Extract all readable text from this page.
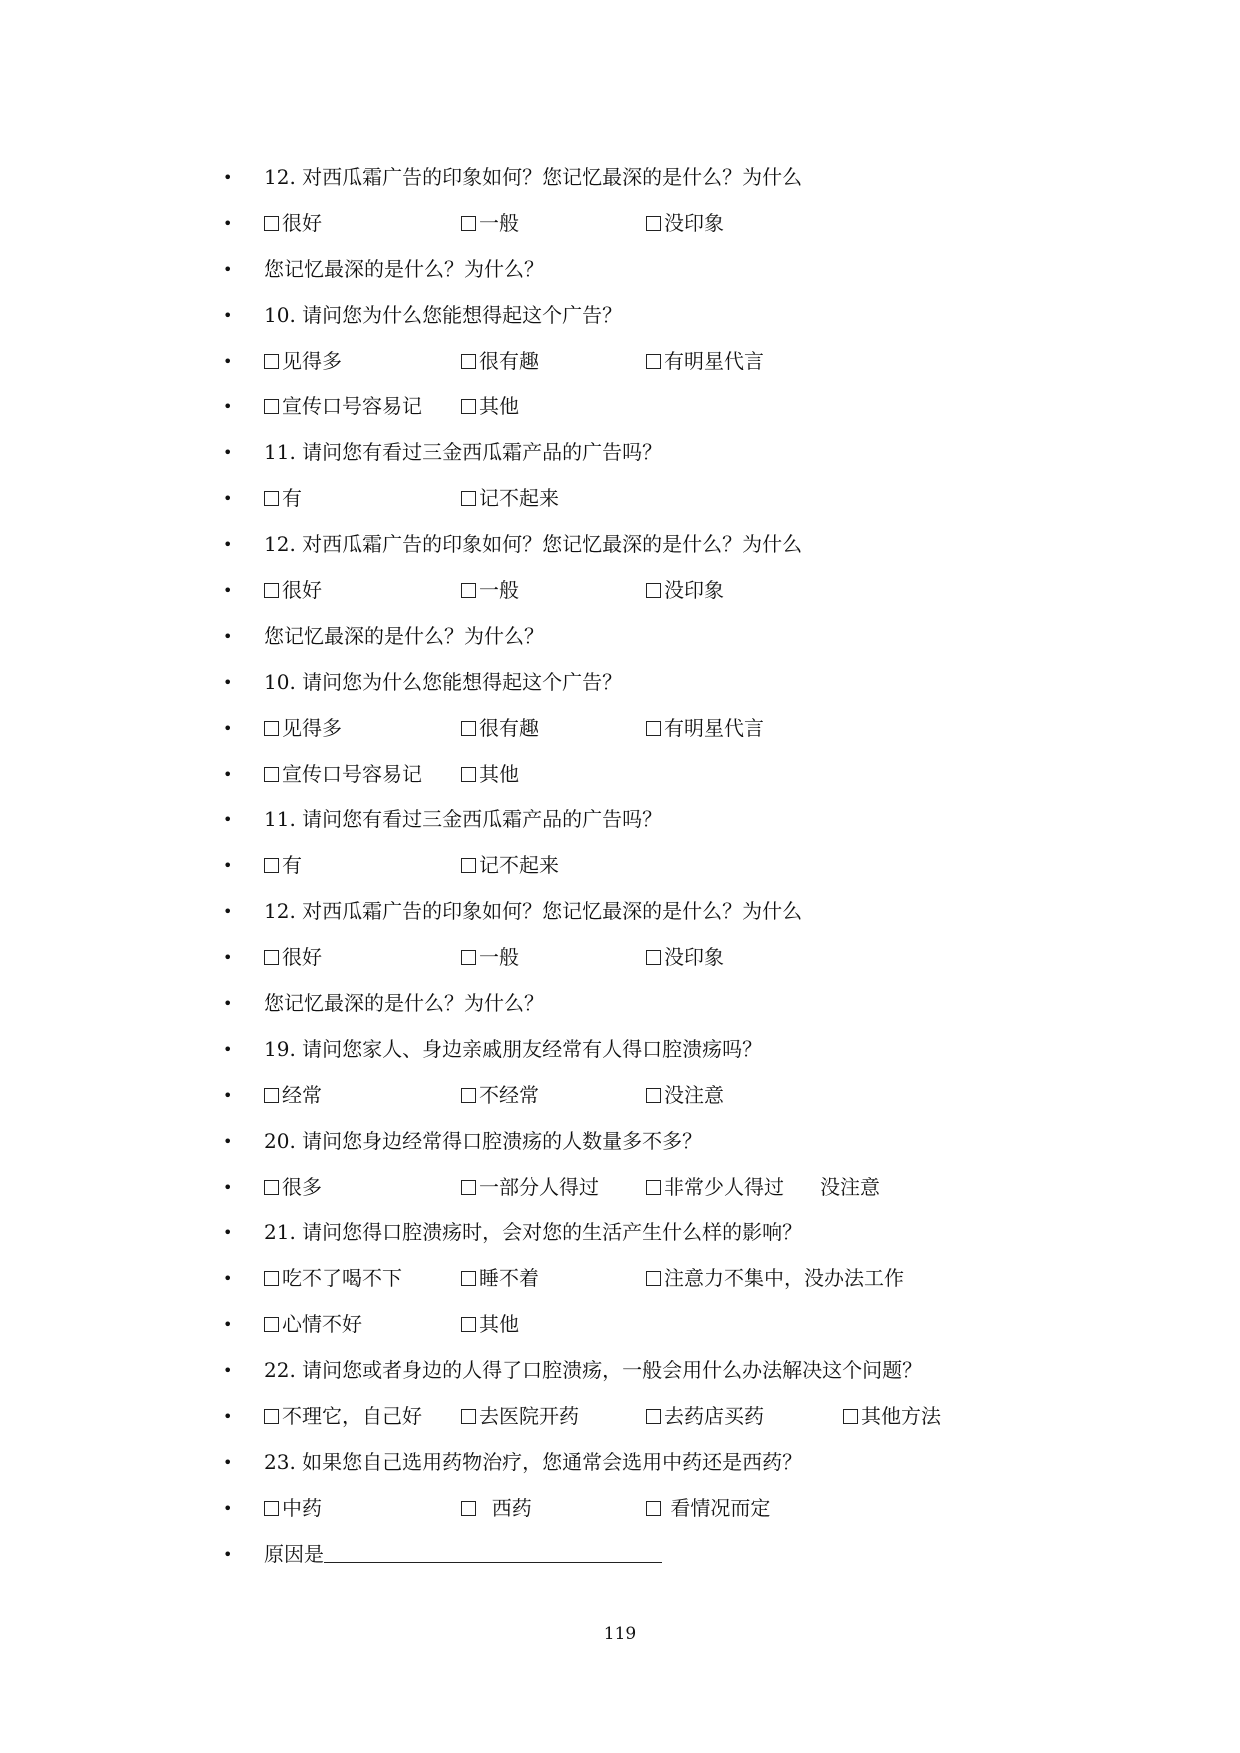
• 12. 对西瓜霜广告的印象如何？您记忆最深的是什么？为什么
•	很好	一般	没印象
• 您记忆最深的是什么？为什么？
• 10. 请问您为什么您能想得起这个广告？
•	见得多	很有趣	有明星代言
•	宣传口号容易记	其他
• 11. 请问您有看过三金西瓜霜产品的广告吗？
•	有	记不起来
• 12. 对西瓜霜广告的印象如何？您记忆最深的是什么？为什么
•	很好	一般	没印象
• 您记忆最深的是什么？为什么？
• 10. 请问您为什么您能想得起这个广告？
•	见得多	很有趣	有明星代言
•	宣传口号容易记	其他
• 11. 请问您有看过三金西瓜霜产品的广告吗？
•	有	记不起来
• 12. 对西瓜霜广告的印象如何？您记忆最深的是什么？为什么
•	很好	一般	没印象
• 您记忆最深的是什么？为什么？
• 19. 请问您家人、身边亲戚朋友经常有人得口腔溃疡吗？
•	经常	不经常	没注意
• 20. 请问您身边经常得口腔溃疡的人数量多不多？
•	很多	一部分人得过	非常少人得过 没注意
• 21. 请问您得口腔溃疡时，会对您的生活产生什么样的影响？
•	吃不了喝不下	睡不着	注意力不集中，没办法工作
•	心情不好	其他
• 22. 请问您或者身边的人得了口腔溃疡，一般会用什么办法解决这个问题？
•	不理它，自己好	去医院开药	去药店买药	其他方法
• 23. 如果您自己选用药物治疗，您通常会选用中药还是西药？
•	中药	西药	看情况而定
• 原因是
119
